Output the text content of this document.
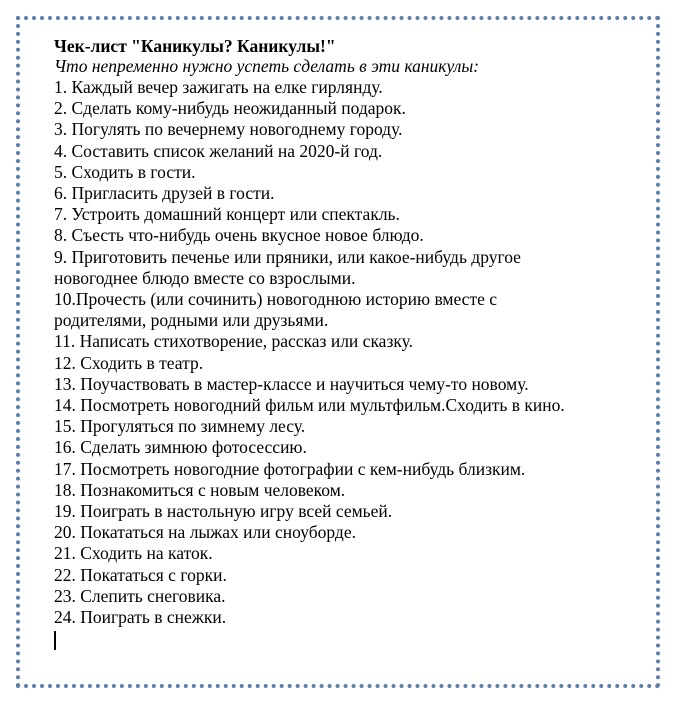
Чек-лист "Каникулы? Каникулы!"

Что непременно нужно успеть сделать в эти каникулы:

1. Каждый вечер зажигать на елке гирлянду.
2. Сделать кому-нибудь неожиданный подарок.
3. Погулять по вечернему новогоднему городу.
4. Составить список желаний на 2020-й год.
5. Сходить в гости.
6. Пригласить друзей в гости.
7. Устроить домашний концерт или спектакль.
8. Съесть что-нибудь очень вкусное новое блюдо.
9. Приготовить печенье или пряники, или какое-нибудь другое новогоднее блюдо вместе со взрослыми.
10.Прочесть (или сочинить) новогоднюю историю вместе с родителями, родными или друзьями.
11. Написать стихотворение, рассказ или сказку.
12. Сходить в театр.
13. Поучаствовать в мастер-классе и научиться чему-то новому.
14. Посмотреть новогодний фильм или мультфильм.Сходить в кино.
15. Прогуляться по зимнему лесу.
16. Сделать зимнюю фотосессию.
17. Посмотреть новогодние фотографии с кем-нибудь близким.
18. Познакомиться с новым человеком.
19. Поиграть в настольную игру всей семьей.
20. Покататься на лыжах или сноуборде.
21. Сходить на каток.
22. Покататься с горки.
23. Слепить снеговика.
24. Поиграть в снежки.
